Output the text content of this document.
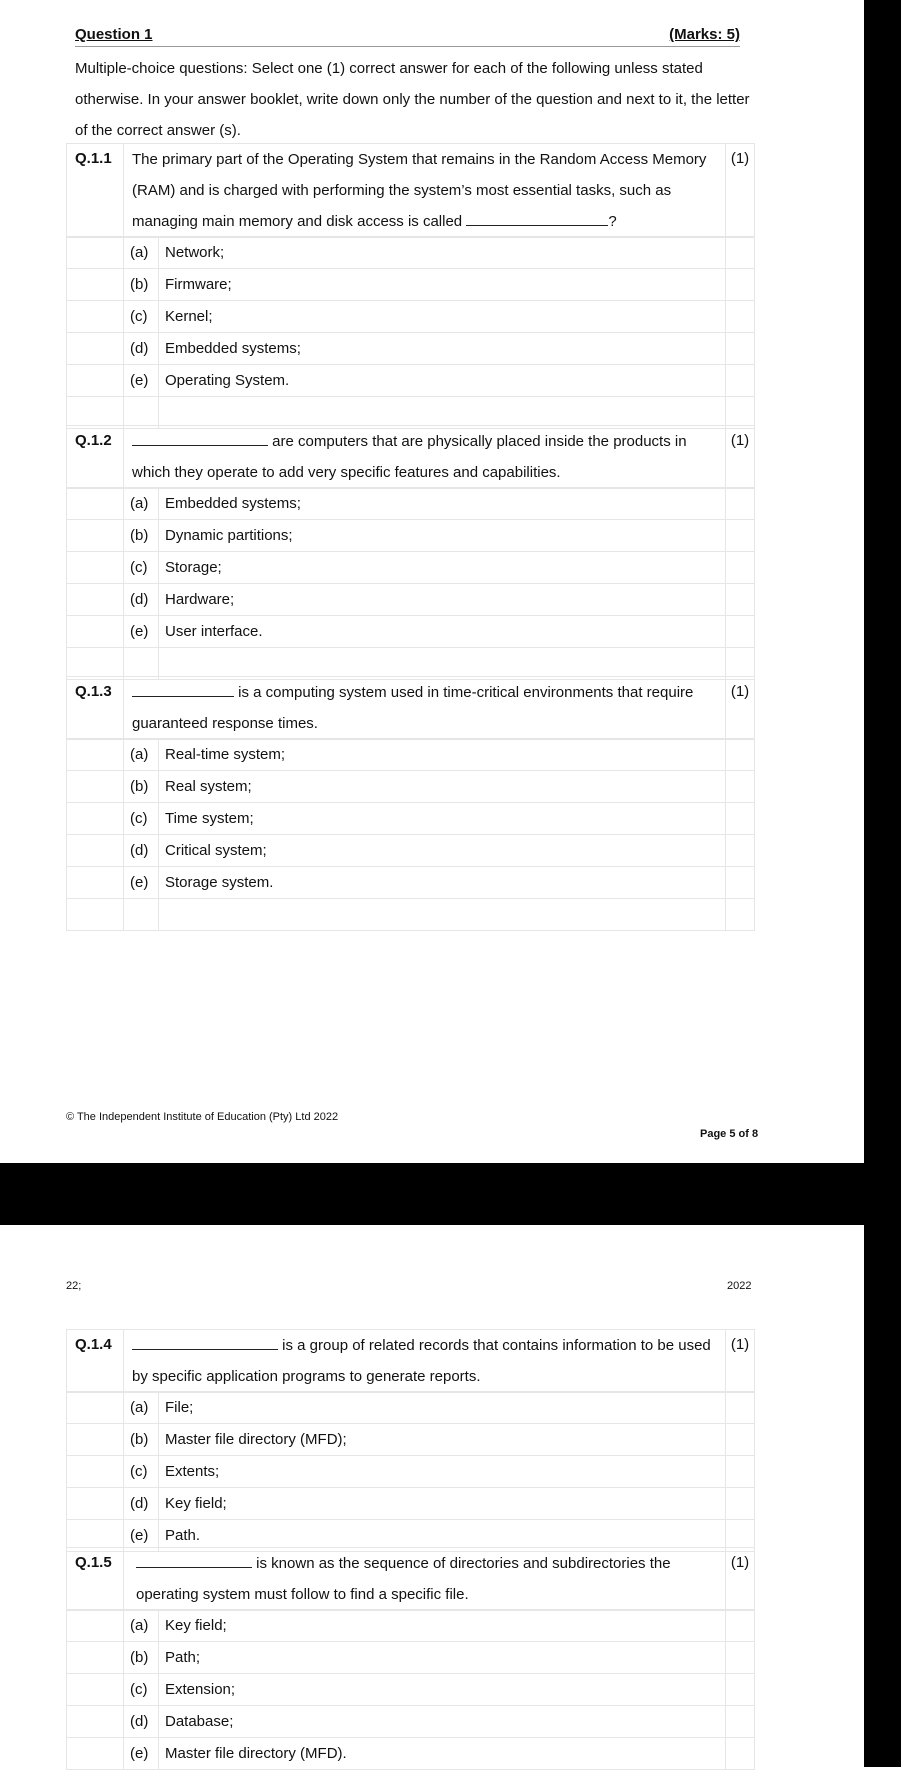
Question 1	(Marks: 5)
Multiple-choice questions: Select one (1) correct answer for each of the following unless stated otherwise. In your answer booklet, write down only the number of the question and next to it, the letter of the correct answer (s).
Q.1.1	The primary part of the Operating System that remains in the Random Access Memory (RAM) and is charged with performing the system’s most essential tasks, such as managing main memory and disk access is called	?	(1)
	(a)	Network;	
	(b)	Firmware;	
	(c)	Kernel;	
	(d)	Embedded systems;	
	(e)	Operating System.	

Q.1.2	are computers that are physically placed inside the products in which they operate to add very specific features and capabilities.	(1)
	(a)	Embedded systems;	
	(b)	Dynamic partitions;	
	(c)	Storage;	
	(d)	Hardware;	
	(e)	User interface.	

Q.1.3	is a computing system used in time-critical environments that require guaranteed response times.	(1)
	(a)	Real-time system;	
	(b)	Real system;	
	(c)	Time system;	
	(d)	Critical system;	
	(e)	Storage system.	

© The Independent Institute of Education (Pty) Ltd 2022
Page 5 of 8
22;	2022
Q.1.4	is a group of related records that contains information to be used by specific application programs to generate reports.	(1)
	(a)	File;	
	(b)	Master file directory (MFD);	
	(c)	Extents;	
	(d)	Key field;	
	(e)	Path.	
Q.1.5	is known as the sequence of directories and subdirectories the operating system must follow to find a specific file.	(1)
	(a)	Key field;	
	(b)	Path;	
	(c)	Extension;	
	(d)	Database;	
	(e)	Master file directory (MFD).	
